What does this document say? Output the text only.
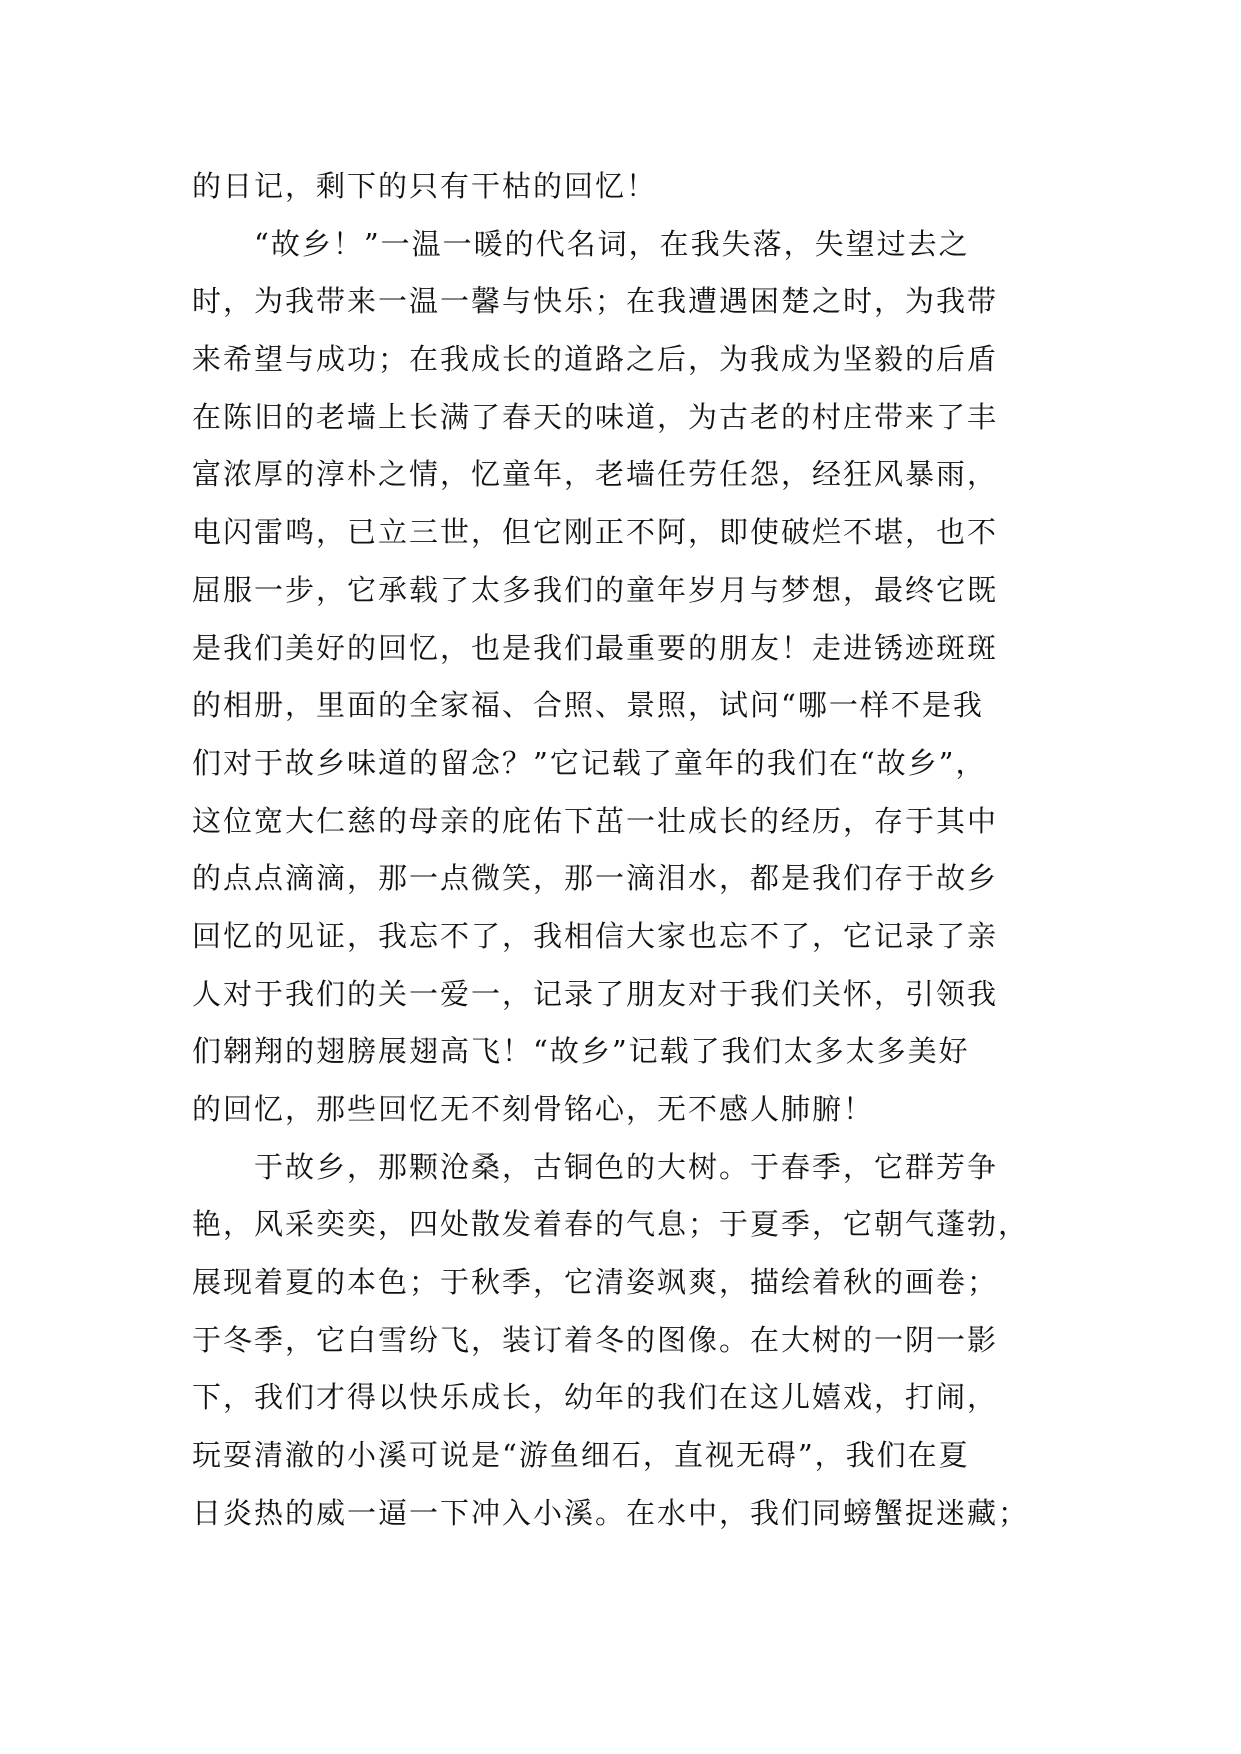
的日记，剩下的只有干枯的回忆！
　　“故乡！”一温一暖的代名词，在我失落，失望过去之
时，为我带来一温一馨与快乐；在我遭遇困楚之时，为我带
来希望与成功；在我成长的道路之后，为我成为坚毅的后盾
在陈旧的老墙上长满了春天的味道，为古老的村庄带来了丰
富浓厚的淳朴之情，忆童年，老墙任劳任怨，经狂风暴雨，
电闪雷鸣，已立三世，但它刚正不阿，即使破烂不堪，也不
屈服一步，它承载了太多我们的童年岁月与梦想，最终它既
是我们美好的回忆，也是我们最重要的朋友！走进锈迹斑斑
的相册，里面的全家福、合照、景照，试问“哪一样不是我
们对于故乡味道的留念？”它记载了童年的我们在“故乡”，
这位宽大仁慈的母亲的庇佑下茁一壮成长的经历，存于其中
的点点滴滴，那一点微笑，那一滴泪水，都是我们存于故乡
回忆的见证，我忘不了，我相信大家也忘不了，它记录了亲
人对于我们的关一爱一，记录了朋友对于我们关怀，引领我
们翱翔的翅膀展翅高飞！“故乡”记载了我们太多太多美好
的回忆，那些回忆无不刻骨铭心，无不感人肺腑！
　　于故乡，那颗沧桑，古铜色的大树。于春季，它群芳争
艳，风采奕奕，四处散发着春的气息；于夏季，它朝气蓬勃，
展现着夏的本色；于秋季，它清姿飒爽，描绘着秋的画卷；
于冬季，它白雪纷飞，装订着冬的图像。在大树的一阴一影
下，我们才得以快乐成长，幼年的我们在这儿嬉戏，打闹，
玩耍清澈的小溪可说是“游鱼细石，直视无碍”，我们在夏
日炎热的威一逼一下冲入小溪。在水中，我们同螃蟹捉迷藏；
